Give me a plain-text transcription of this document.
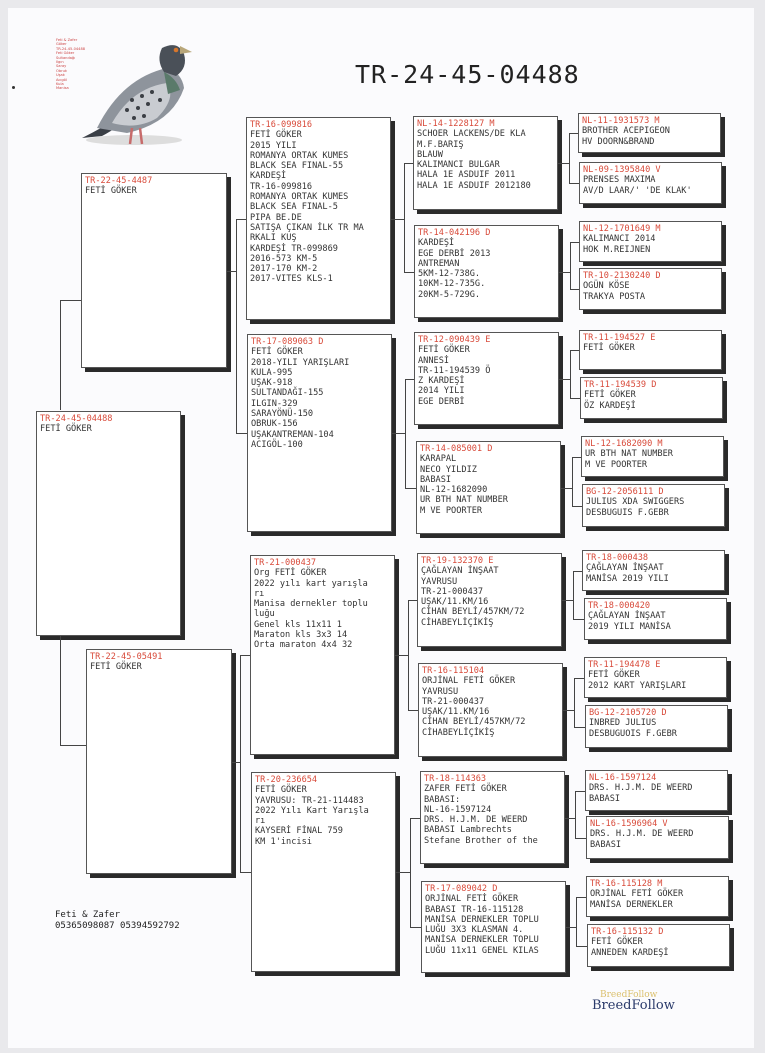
Feti & Zafer
Göker
TR-24-45-04488
Feti Göker
Sultandağı
Ilgın
Saray
Obruk
Uşak
Acıgöl
Kula
Manisa	TR-24-45-04488
TR-24-45-04488
FETİ GÖKER
TR-22-45-4487
FETİ GÖKER
TR-22-45-05491
FETİ GÖKER
TR-16-099816
FETİ GÖKER
2015 YILI
ROMANYA ORTAK KUMES
BLACK SEA FINAL-55
KARDEŞİ
TR-16-099816
ROMANYA ORTAK KUMES
BLACK SEA FINAL-5
PIPA BE.DE
SATIŞA ÇIKAN İLK TR MA
RKALI KUŞ
KARDEŞİ TR-099869
2016-573 KM-5
2017-170 KM-2
2017-VITES KLS-1
TR-17-089063 D
FETİ GÖKER
2018-YILI YARIŞLARI
KULA-995
UŞAK-918
SULTANDAĞI-155
ILGIN-329
SARAYÖNÜ-150
OBRUK-156
UŞAKANTREMAN-104
ACIGÖL-100
TR-21-000437
Org FETİ GÖKER
2022 yılı kart yarışla
rı
Manisa dernekler toplu
luğu
Genel kls 11x11 1
Maraton kls 3x3 14
Orta maraton 4x4 32
TR-20-236654
FETİ GÖKER
YAVRUSU: TR-21-114483
2022 Yılı Kart Yarışla
rı
KAYSERİ FİNAL 759
KM 1'incisi
NL-14-1228127 M
SCHOER LACKENS/DE KLA
M.F.BARIŞ
BLAUW
KALIMANCI BULGAR
HALA 1E ASDUIF 2011
HALA 1E ASDUIF 2012180
TR-14-042196 D
KARDEŞİ
EGE DERBİ 2013
ANTREMAN
5KM-12-738G.
10KM-12-735G.
20KM-5-729G.
TR-12-090439 E
FETİ GÖKER
ANNESİ
TR-11-194539 Ö
Z KARDEŞİ
2014 YILI
EGE DERBİ
TR-14-085001 D
KARAPAL
NECO YILDIZ
BABASI
NL-12-1682090
UR BTH NAT NUMBER
M VE POORTER
TR-19-132370 E
ÇAĞLAYAN İNŞAAT
YAVRUSU
TR-21-000437
UŞAK/11.KM/16
CİHAN BEYLİ/457KM/72
CİHABEYLİÇİKİŞ
TR-16-115104
ORJİNAL FETİ GÖKER
YAVRUSU
TR-21-000437
UŞAK/11.KM/16
CİHAN BEYLİ/457KM/72
CİHABEYLİÇİKİŞ
TR-18-114363
ZAFER FETİ GÖKER
BABASI:
NL-16-1597124
DRS. H.J.M. DE WEERD
BABASI Lambrechts
Stefane Brother of the
TR-17-089042 D
ORJİNAL FETİ GÖKER
BABASI TR-16-115128
MANİSA DERNEKLER TOPLU
LUĞU 3X3 KLASMAN 4.
MANİSA DERNEKLER TOPLU
LUĞU 11x11 GENEL KILAS
NL-11-1931573 M
BROTHER ACEPIGEON
HV DOORN&BRAND
NL-09-1395840 V
PRENSES MAXIMA
AV/D LAAR/' 'DE KLAK'
NL-12-1701649 M
KALIMANCI 2014
HOK M.REIJNEN
TR-10-2130240 D
OGÜN KÖSE
TRAKYA POSTA
TR-11-194527 E
FETİ GÖKER
TR-11-194539 D
FETİ GÖKER
ÖZ KARDEŞİ
NL-12-1682090 M
UR BTH NAT NUMBER
M VE POORTER
BG-12-2056111 D
JULIUS XDA SWIGGERS
DESBUGUIS F.GEBR
TR-18-000438
ÇAĞLAYAN İNŞAAT
MANİSA 2019 YILI
TR-18-000420
ÇAĞLAYAN İNŞAAT
2019 YILI MANİSA
TR-11-194478 E
FETİ GÖKER
2012 KART YARIŞLARI
BG-12-2105720 D
INBRED JULIUS
DESBUGUOIS F.GEBR
NL-16-1597124
DRS. H.J.M. DE WEERD
BABASI
NL-16-1596964 V
DRS. H.J.M. DE WEERD
BABASI
TR-16-115128 M
ORJİNAL FETİ GÖKER
MANİSA DERNEKLER
TR-16-115132 D
FETİ GÖKER
ANNEDEN KARDEŞİ
Feti & Zafer
05365098087 05394592792
BreedFollow
BreedFollow
